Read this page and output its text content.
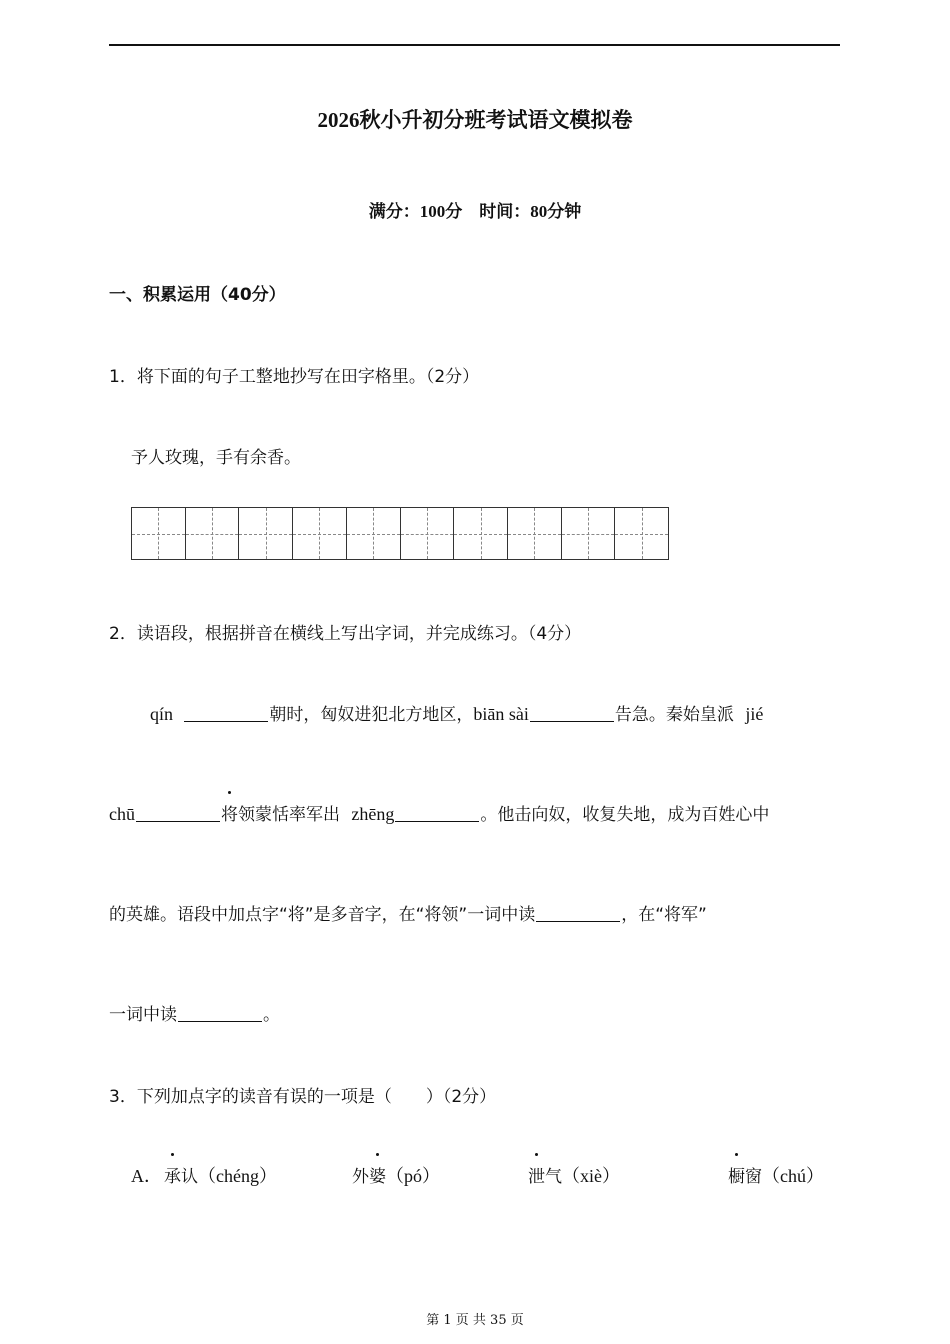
2026秋小升初分班考试语文模拟卷
满分：100分　时间：80分钟
一、积累运用（40分）
1．将下面的句子工整地抄写在田字格里。（2分）
予人玫瑰，手有余香。
2．读语段，根据拼音在横线上写出字词，并完成练习。（4分）
qín	朝时，匈奴进犯北方地区，biān sài	告急。秦始皇派 jié
chū	将领蒙恬率军出 zhēng	。他击向奴，收复失地，成为百姓心中
的英雄。语段中加点字“将”是多音字，在“将领”一词中读	，在“将军”
一词中读	。
3．下列加点字的读音有误的一项是（　　）（2分）
A． 承认（chéng）	外婆（pó）	泄气（xiè）	橱窗（chú）
第 1 页 共 35 页
